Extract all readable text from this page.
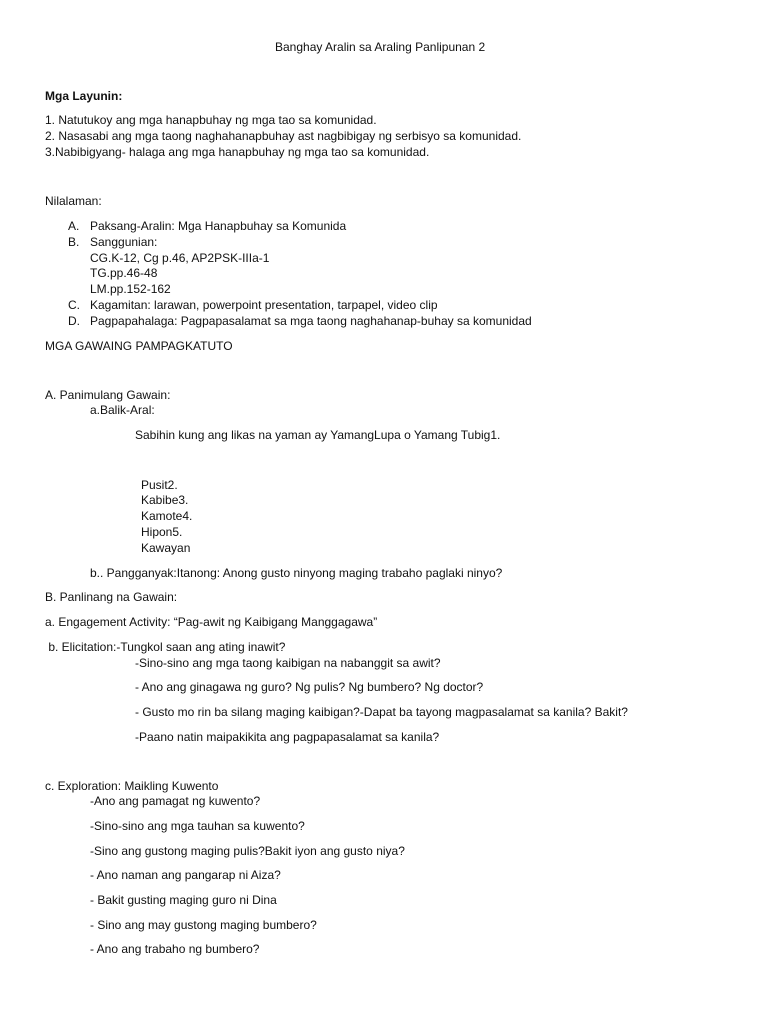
Banghay Aralin sa Araling Panlipunan 2
Mga Layunin:
1. Natutukoy ang mga hanapbuhay ng mga tao sa komunidad.
2. Nasasabi ang mga taong naghahanapbuhay ast nagbibigay ng serbisyo sa komunidad.
3.Nabibigyang- halaga ang mga hanapbuhay ng mga tao sa komunidad.
Nilalaman:
A. Paksang-Aralin: Mga Hanapbuhay sa Komunida
B. Sanggunian:
CG.K-12, Cg p.46, AP2PSK-IIIa-1
TG.pp.46-48
LM.pp.152-162
C. Kagamitan: larawan, powerpoint presentation, tarpapel, video clip
D. Pagpapahalaga: Pagpapasalamat sa mga taong naghahanap-buhay sa komunidad
MGA GAWAING PAMPAGKATUTO
A. Panimulang Gawain:
a.Balik-Aral:
Sabihin kung ang likas na yaman ay YamangLupa o Yamang Tubig1.
Pusit2.
Kabibe3.
Kamote4.
Hipon5.
Kawayan
b.. Pangganyak:Itanong: Anong gusto ninyong maging trabaho paglaki ninyo?
B. Panlinang na Gawain:
a. Engagement Activity: “Pag-awit ng Kaibigang Manggagawa”
b. Elicitation:-Tungkol saan ang ating inawit?
-Sino-sino ang mga taong kaibigan na nabanggit sa awit?
- Ano ang ginagawa ng guro? Ng pulis? Ng bumbero? Ng doctor?
- Gusto mo rin ba silang maging kaibigan?-Dapat ba tayong magpasalamat sa kanila? Bakit?
-Paano natin maipakikita ang pagpapasalamat sa kanila?
c. Exploration: Maikling Kuwento
-Ano ang pamagat ng kuwento?
-Sino-sino ang mga tauhan sa kuwento?
-Sino ang gustong maging pulis?Bakit iyon ang gusto niya?
- Ano naman ang pangarap ni Aiza?
- Bakit gusting maging guro ni Dina
- Sino ang may gustong maging bumbero?
- Ano ang trabaho ng bumbero?
